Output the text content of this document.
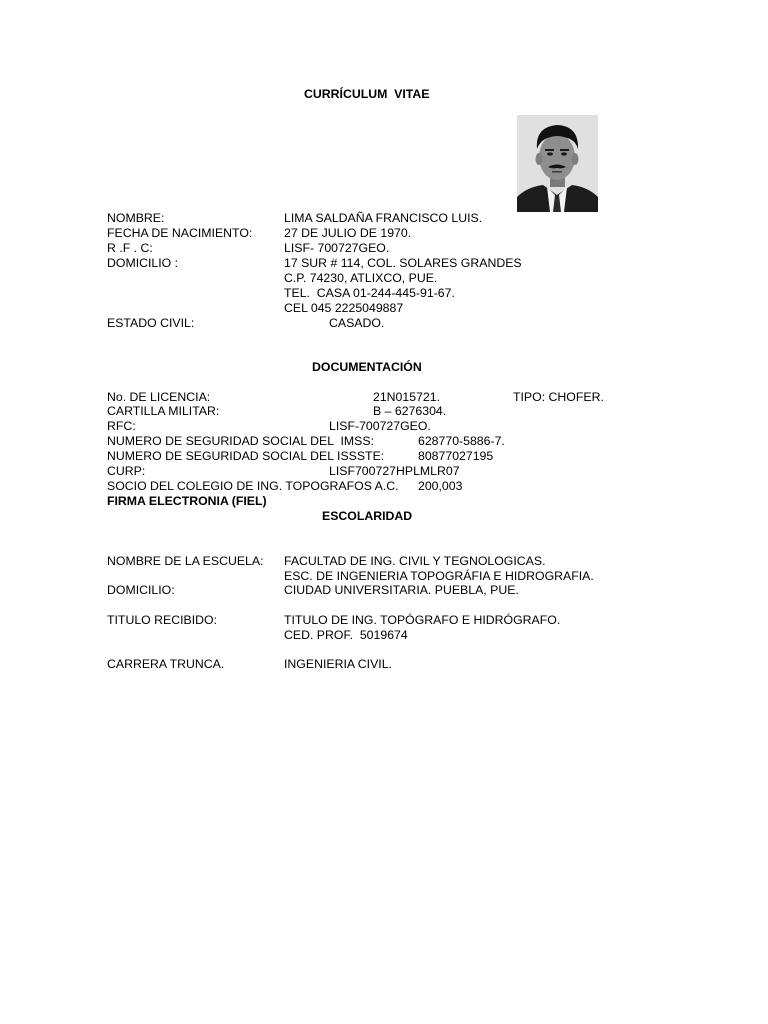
CURRÍCULUM  VITAE
NOMBRE:	LIMA SALDAÑA FRANCISCO LUIS.
FECHA DE NACIMIENTO:	27 DE JULIO DE 1970.
R .F . C:	LISF- 700727GEO.
DOMICILIO :	17 SUR # 114, COL. SOLARES GRANDES
C.P. 74230, ATLIXCO, PUE.
TEL.  CASA 01-244-445-91-67.
CEL 045 2225049887
ESTADO CIVIL:	CASADO.
DOCUMENTACIÓN
No. DE LICENCIA:	21N015721.	TIPO: CHOFER.
CARTILLA MILITAR:	B – 6276304.
RFC:	LISF-700727GEO.
NUMERO DE SEGURIDAD SOCIAL DEL  IMSS:	628770-5886-7.
NUMERO DE SEGURIDAD SOCIAL DEL ISSSTE:	80877027195
CURP:	LISF700727HPLMLR07
SOCIO DEL COLEGIO DE ING. TOPOGRAFOS A.C. 200,003
FIRMA ELECTRONIA (FIEL)
ESCOLARIDAD
NOMBRE DE LA ESCUELA: FACULTAD DE ING. CIVIL Y TEGNOLOGICAS.
ESC. DE INGENIERIA TOPOGRÁFIA E HIDROGRAFIA.
DOMICILIO:	CIUDAD UNIVERSITARIA. PUEBLA, PUE.
TITULO RECIBIDO:	TITULO DE ING. TOPÓGRAFO E HIDRÓGRAFO.
CED. PROF.  5019674
CARRERA TRUNCA.	INGENIERIA CIVIL.
